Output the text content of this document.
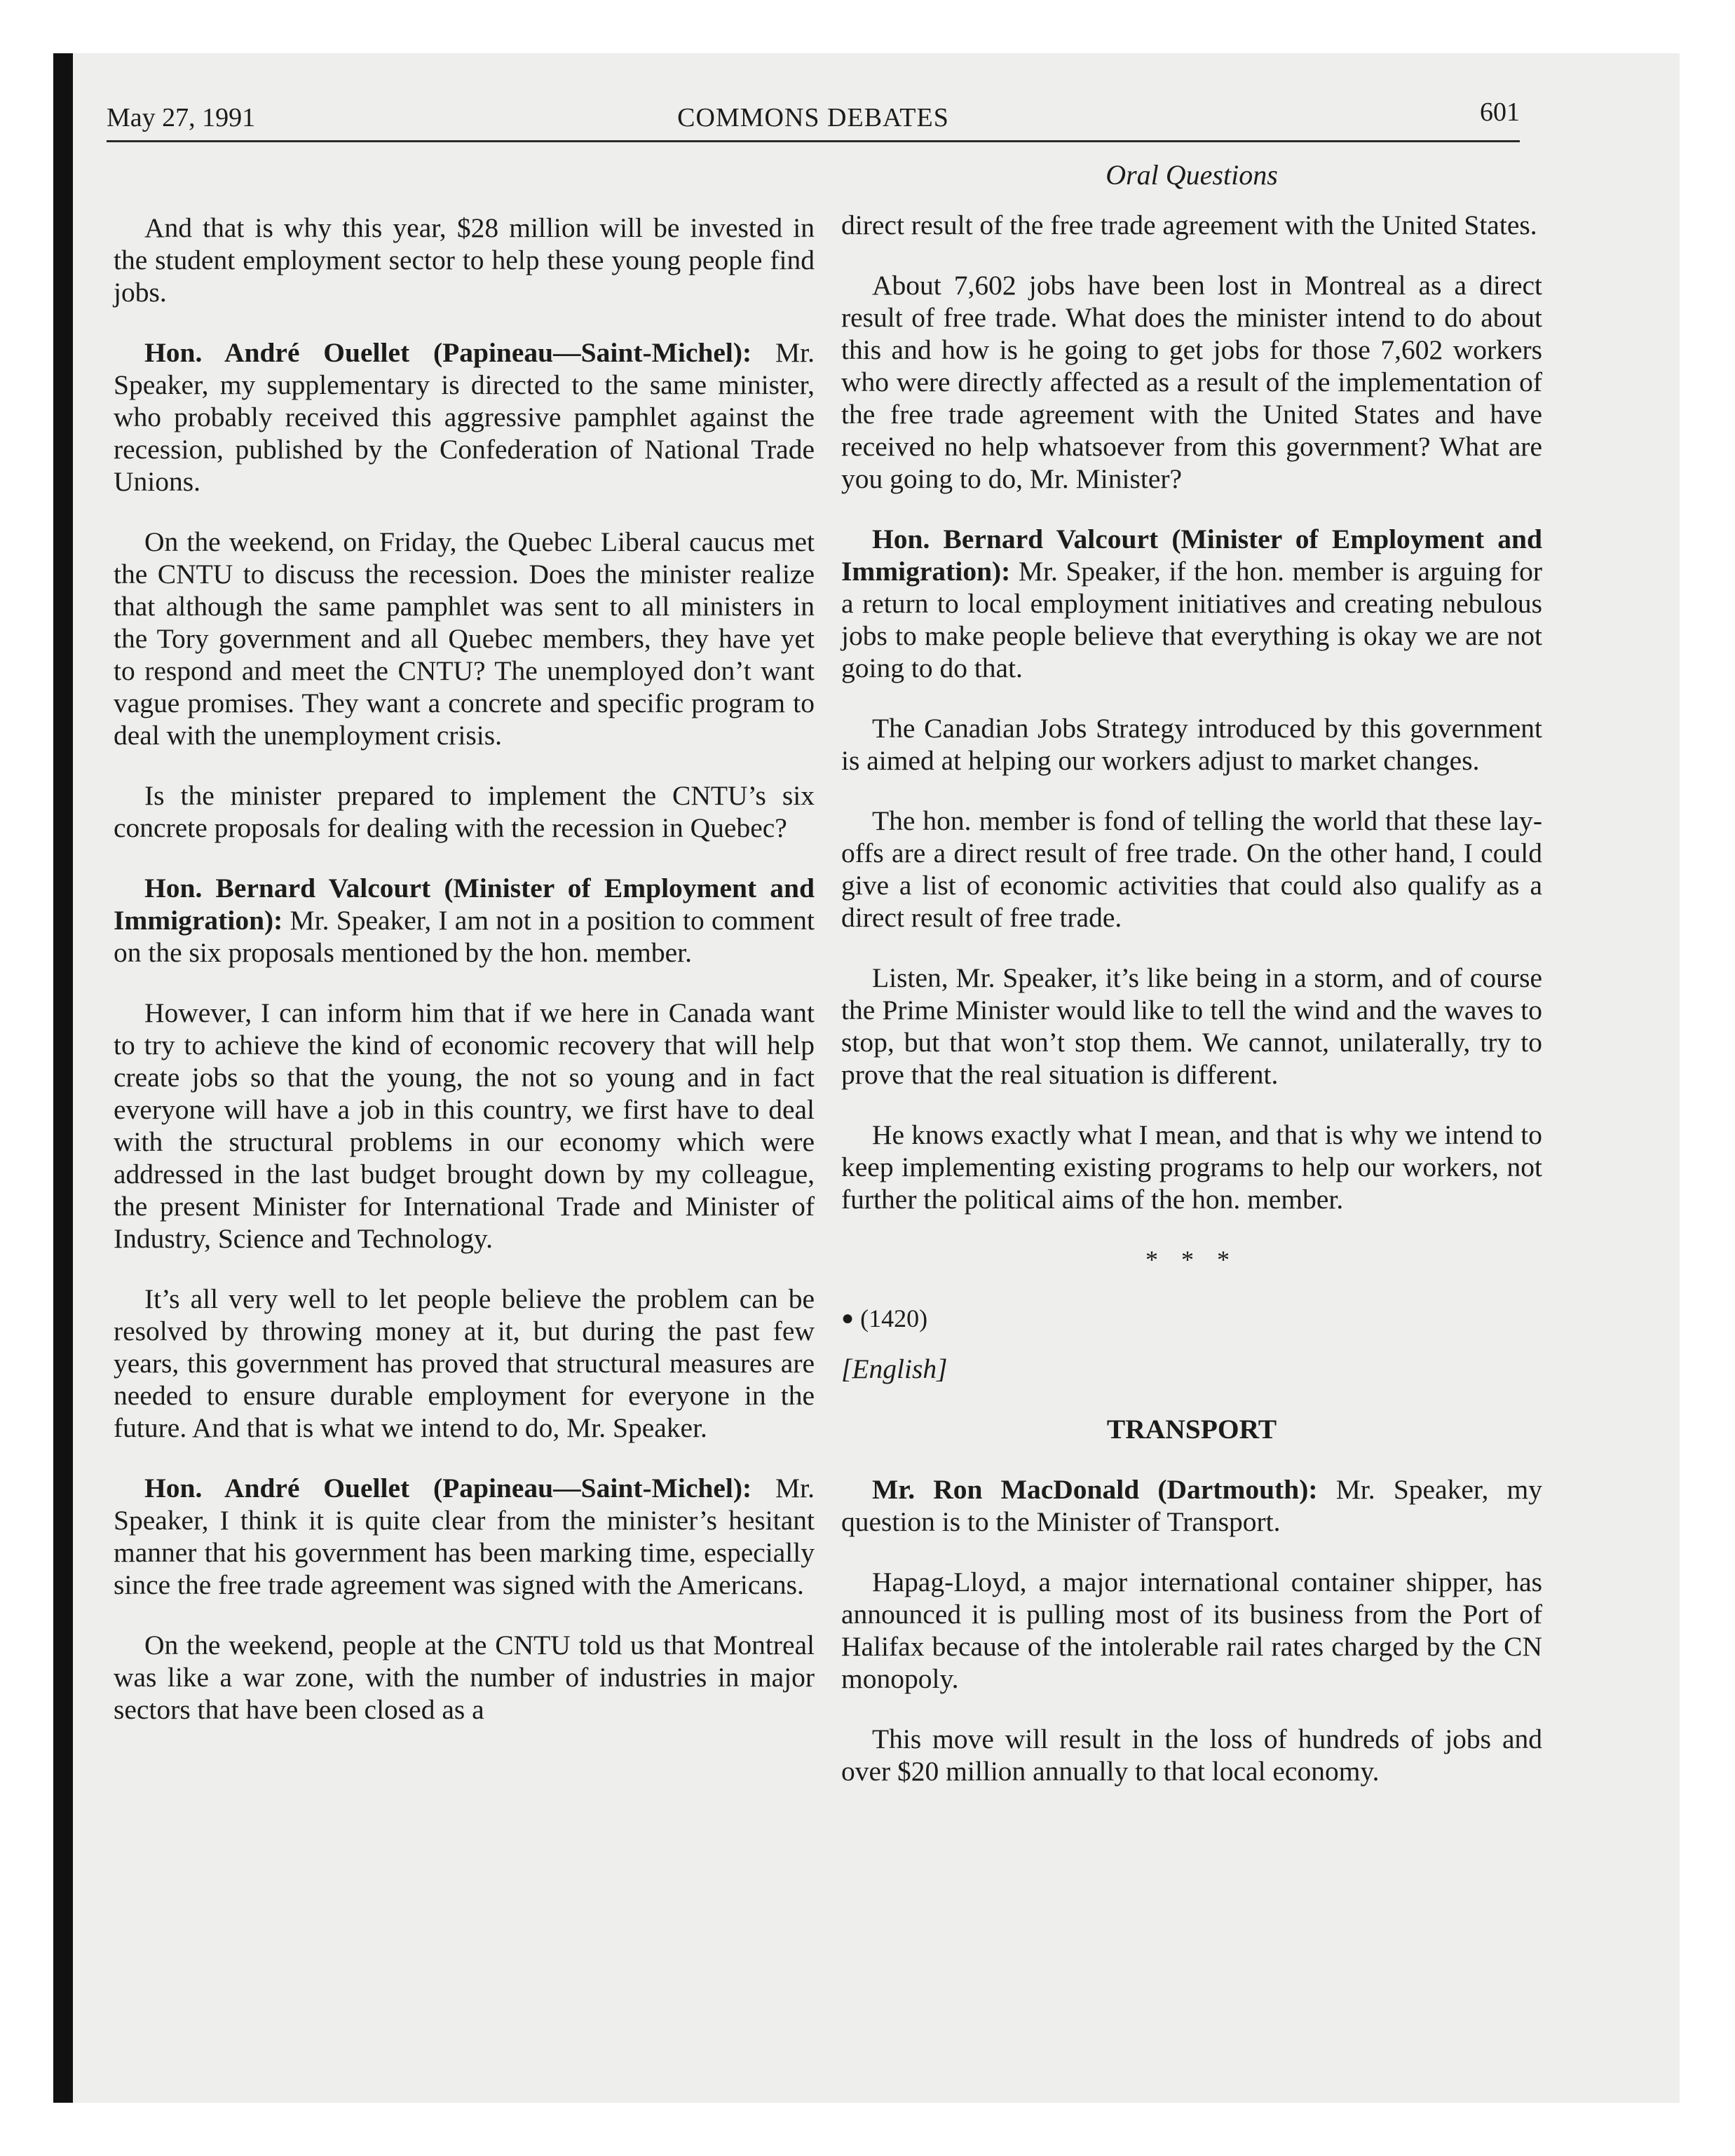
May 27, 1991	COMMONS DEBATES	601
Oral Questions

And that is why this year, $28 million will be invested in the student employment sector to help these young people find jobs.

Hon. André Ouellet (Papineau—Saint-Michel): Mr. Speaker, my supplementary is directed to the same minister, who probably received this aggressive pamphlet against the recession, published by the Confederation of National Trade Unions.

On the weekend, on Friday, the Quebec Liberal caucus met the CNTU to discuss the recession. Does the minister realize that although the same pamphlet was sent to all ministers in the Tory government and all Quebec members, they have yet to respond and meet the CNTU? The unemployed don’t want vague promises. They want a concrete and specific program to deal with the unemployment crisis.

Is the minister prepared to implement the CNTU’s six concrete proposals for dealing with the recession in Quebec?

Hon. Bernard Valcourt (Minister of Employment and Immigration): Mr. Speaker, I am not in a position to comment on the six proposals mentioned by the hon. member.

However, I can inform him that if we here in Canada want to try to achieve the kind of economic recovery that will help create jobs so that the young, the not so young and in fact everyone will have a job in this country, we first have to deal with the structural problems in our economy which were addressed in the last budget brought down by my colleague, the present Minister for International Trade and Minister of Industry, Science and Technology.

It’s all very well to let people believe the problem can be resolved by throwing money at it, but during the past few years, this government has proved that structural measures are needed to ensure durable employment for everyone in the future. And that is what we intend to do, Mr. Speaker.

Hon. André Ouellet (Papineau—Saint-Michel): Mr. Speaker, I think it is quite clear from the minister’s hesitant manner that his government has been marking time, especially since the free trade agreement was signed with the Americans.

On the weekend, people at the CNTU told us that Montreal was like a war zone, with the number of industries in major sectors that have been closed as a

direct result of the free trade agreement with the United States.

About 7,602 jobs have been lost in Montreal as a direct result of free trade. What does the minister intend to do about this and how is he going to get jobs for those 7,602 workers who were directly affected as a result of the implementation of the free trade agreement with the United States and have received no help whatsoever from this government? What are you going to do, Mr. Minister?

Hon. Bernard Valcourt (Minister of Employment and Immigration): Mr. Speaker, if the hon. member is arguing for a return to local employment initiatives and creating nebulous jobs to make people believe that everything is okay we are not going to do that.

The Canadian Jobs Strategy introduced by this government is aimed at helping our workers adjust to market changes.

The hon. member is fond of telling the world that these lay-offs are a direct result of free trade. On the other hand, I could give a list of economic activities that could also qualify as a direct result of free trade.

Listen, Mr. Speaker, it’s like being in a storm, and of course the Prime Minister would like to tell the wind and the waves to stop, but that won’t stop them. We cannot, unilaterally, try to prove that the real situation is different.

He knows exactly what I mean, and that is why we intend to keep implementing existing programs to help our workers, not further the political aims of the hon. member.

* * *
● (1420)
[English]
TRANSPORT

Mr. Ron MacDonald (Dartmouth): Mr. Speaker, my question is to the Minister of Transport.

Hapag-Lloyd, a major international container shipper, has announced it is pulling most of its business from the Port of Halifax because of the intolerable rail rates charged by the CN monopoly.

This move will result in the loss of hundreds of jobs and over $20 million annually to that local economy.
